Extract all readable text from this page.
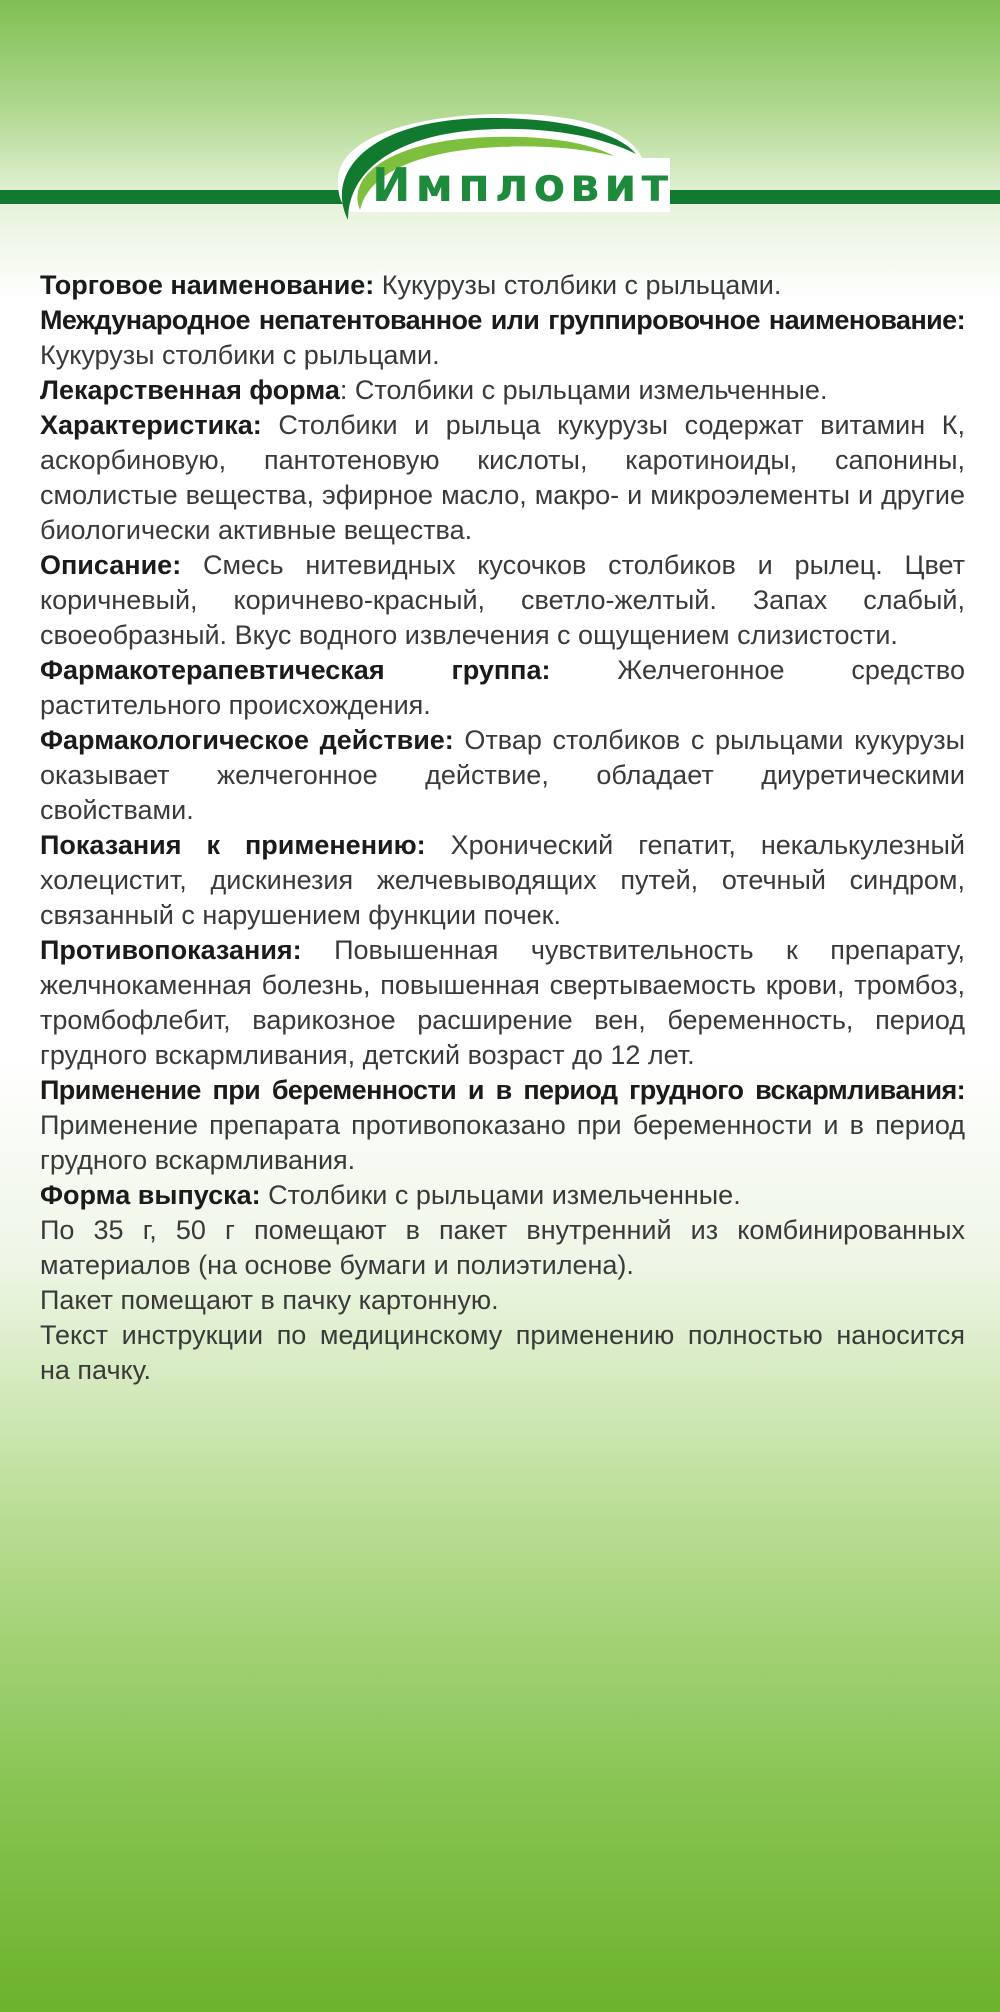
Импловит

Торговое наименование: Кукурузы столбики с рыльцами.

Международное непатентованное или группировочное наименование: Кукурузы столбики с рыльцами.

Лекарственная форма: Столбики с рыльцами измельченные.

Характеристика: Столбики и рыльца кукурузы содержат витамин К, аскорбиновую, пантотеновую кислоты, каротиноиды, сапонины, смолистые вещества, эфирное масло, макро- и микроэлементы и другие биологически активные вещества.

Описание: Смесь нитевидных кусочков столбиков и рылец. Цвет коричневый, коричнево-красный, светло-желтый. Запах слабый, своеобразный. Вкус водного извлечения с ощущением слизистости.

Фармакотерапевтическая группа: Желчегонное средство растительного происхождения.

Фармакологическое действие: Отвар столбиков с рыльцами кукурузы оказывает желчегонное действие, обладает диуретическими свойствами.

Показания к применению: Хронический гепатит, некалькулезный холецистит, дискинезия желчевыводящих путей, отечный синдром, связанный с нарушением функции почек.

Противопоказания: Повышенная чувствительность к препарату, желчнокаменная болезнь, повышенная свертываемость крови, тромбоз, тромбофлебит, варикозное расширение вен, беременность, период грудного вскармливания, детский возраст до 12 лет.

Применение при беременности и в период грудного вскармливания: Применение препарата противопоказано при беременности и в период грудного вскармливания.

Форма выпуска: Столбики с рыльцами измельченные.

По 35 г, 50 г помещают в пакет внутренний из комбинированных материалов (на основе бумаги и полиэтилена).

Пакет помещают в пачку картонную.

Текст инструкции по медицинскому применению полностью наносится на пачку.
